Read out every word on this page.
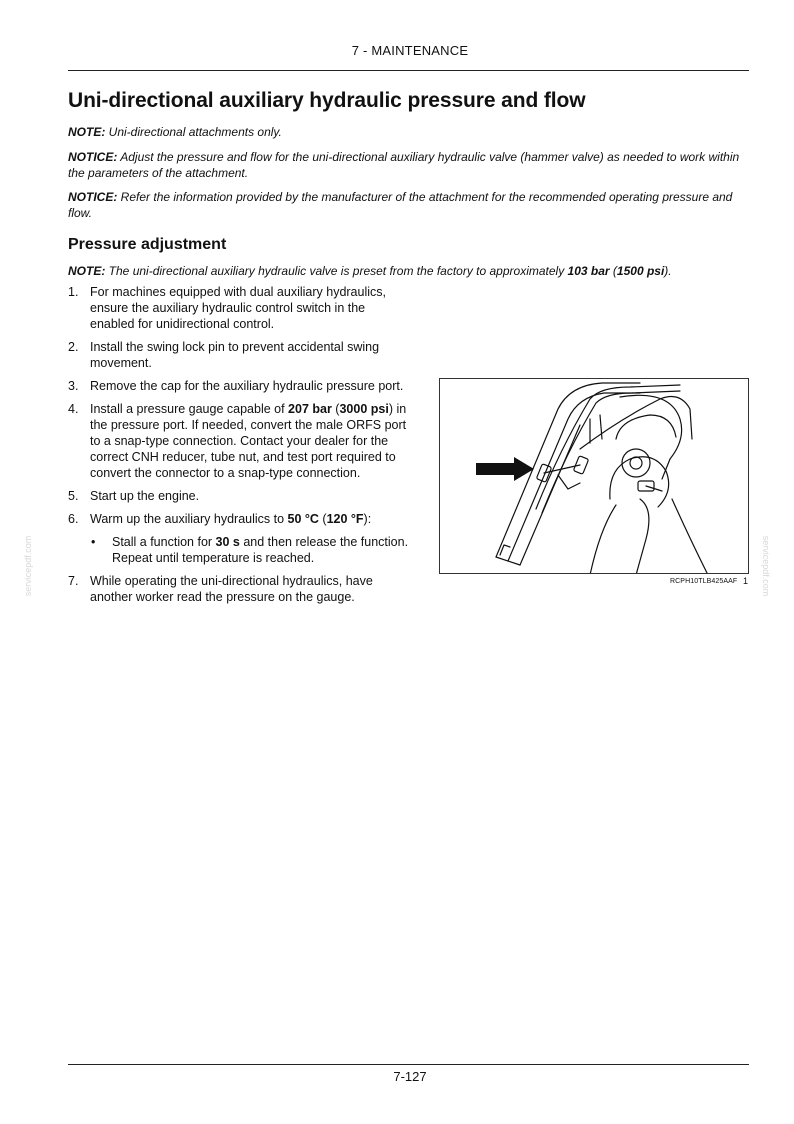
7 - MAINTENANCE
Uni-directional auxiliary hydraulic pressure and flow

NOTE: Uni-directional attachments only.

NOTICE: Adjust the pressure and flow for the uni-directional auxiliary hydraulic valve (hammer valve) as needed to work within the parameters of the attachment.

NOTICE: Refer the information provided by the manufacturer of the attachment for the recommended operating pressure and flow.

Pressure adjustment

NOTE: The uni-directional auxiliary hydraulic valve is preset from the factory to approximately 103 bar (1500 psi).

1. For machines equipped with dual auxiliary hydraulics, ensure the auxiliary hydraulic control switch in the enabled for unidirectional control.
2. Install the swing lock pin to prevent accidental swing movement.
3. Remove the cap for the auxiliary hydraulic pressure port.
4. Install a pressure gauge capable of 207 bar (3000 psi) in the pressure port. If needed, convert the male ORFS port to a snap-type connection. Contact your dealer for the correct CNH reducer, tube nut, and test port required to convert the connector to a snap-type connection.
5. Start up the engine.
6. Warm up the auxiliary hydraulics to 50 °C (120 °F):
• Stall a function for 30 s and then release the function. Repeat until temperature is reached.
7. While operating the uni-directional hydraulics, have another worker read the pressure on the gauge.
RCPH10TLB425AAF 1
servicepdf.com	servicepdf.com
7-127
